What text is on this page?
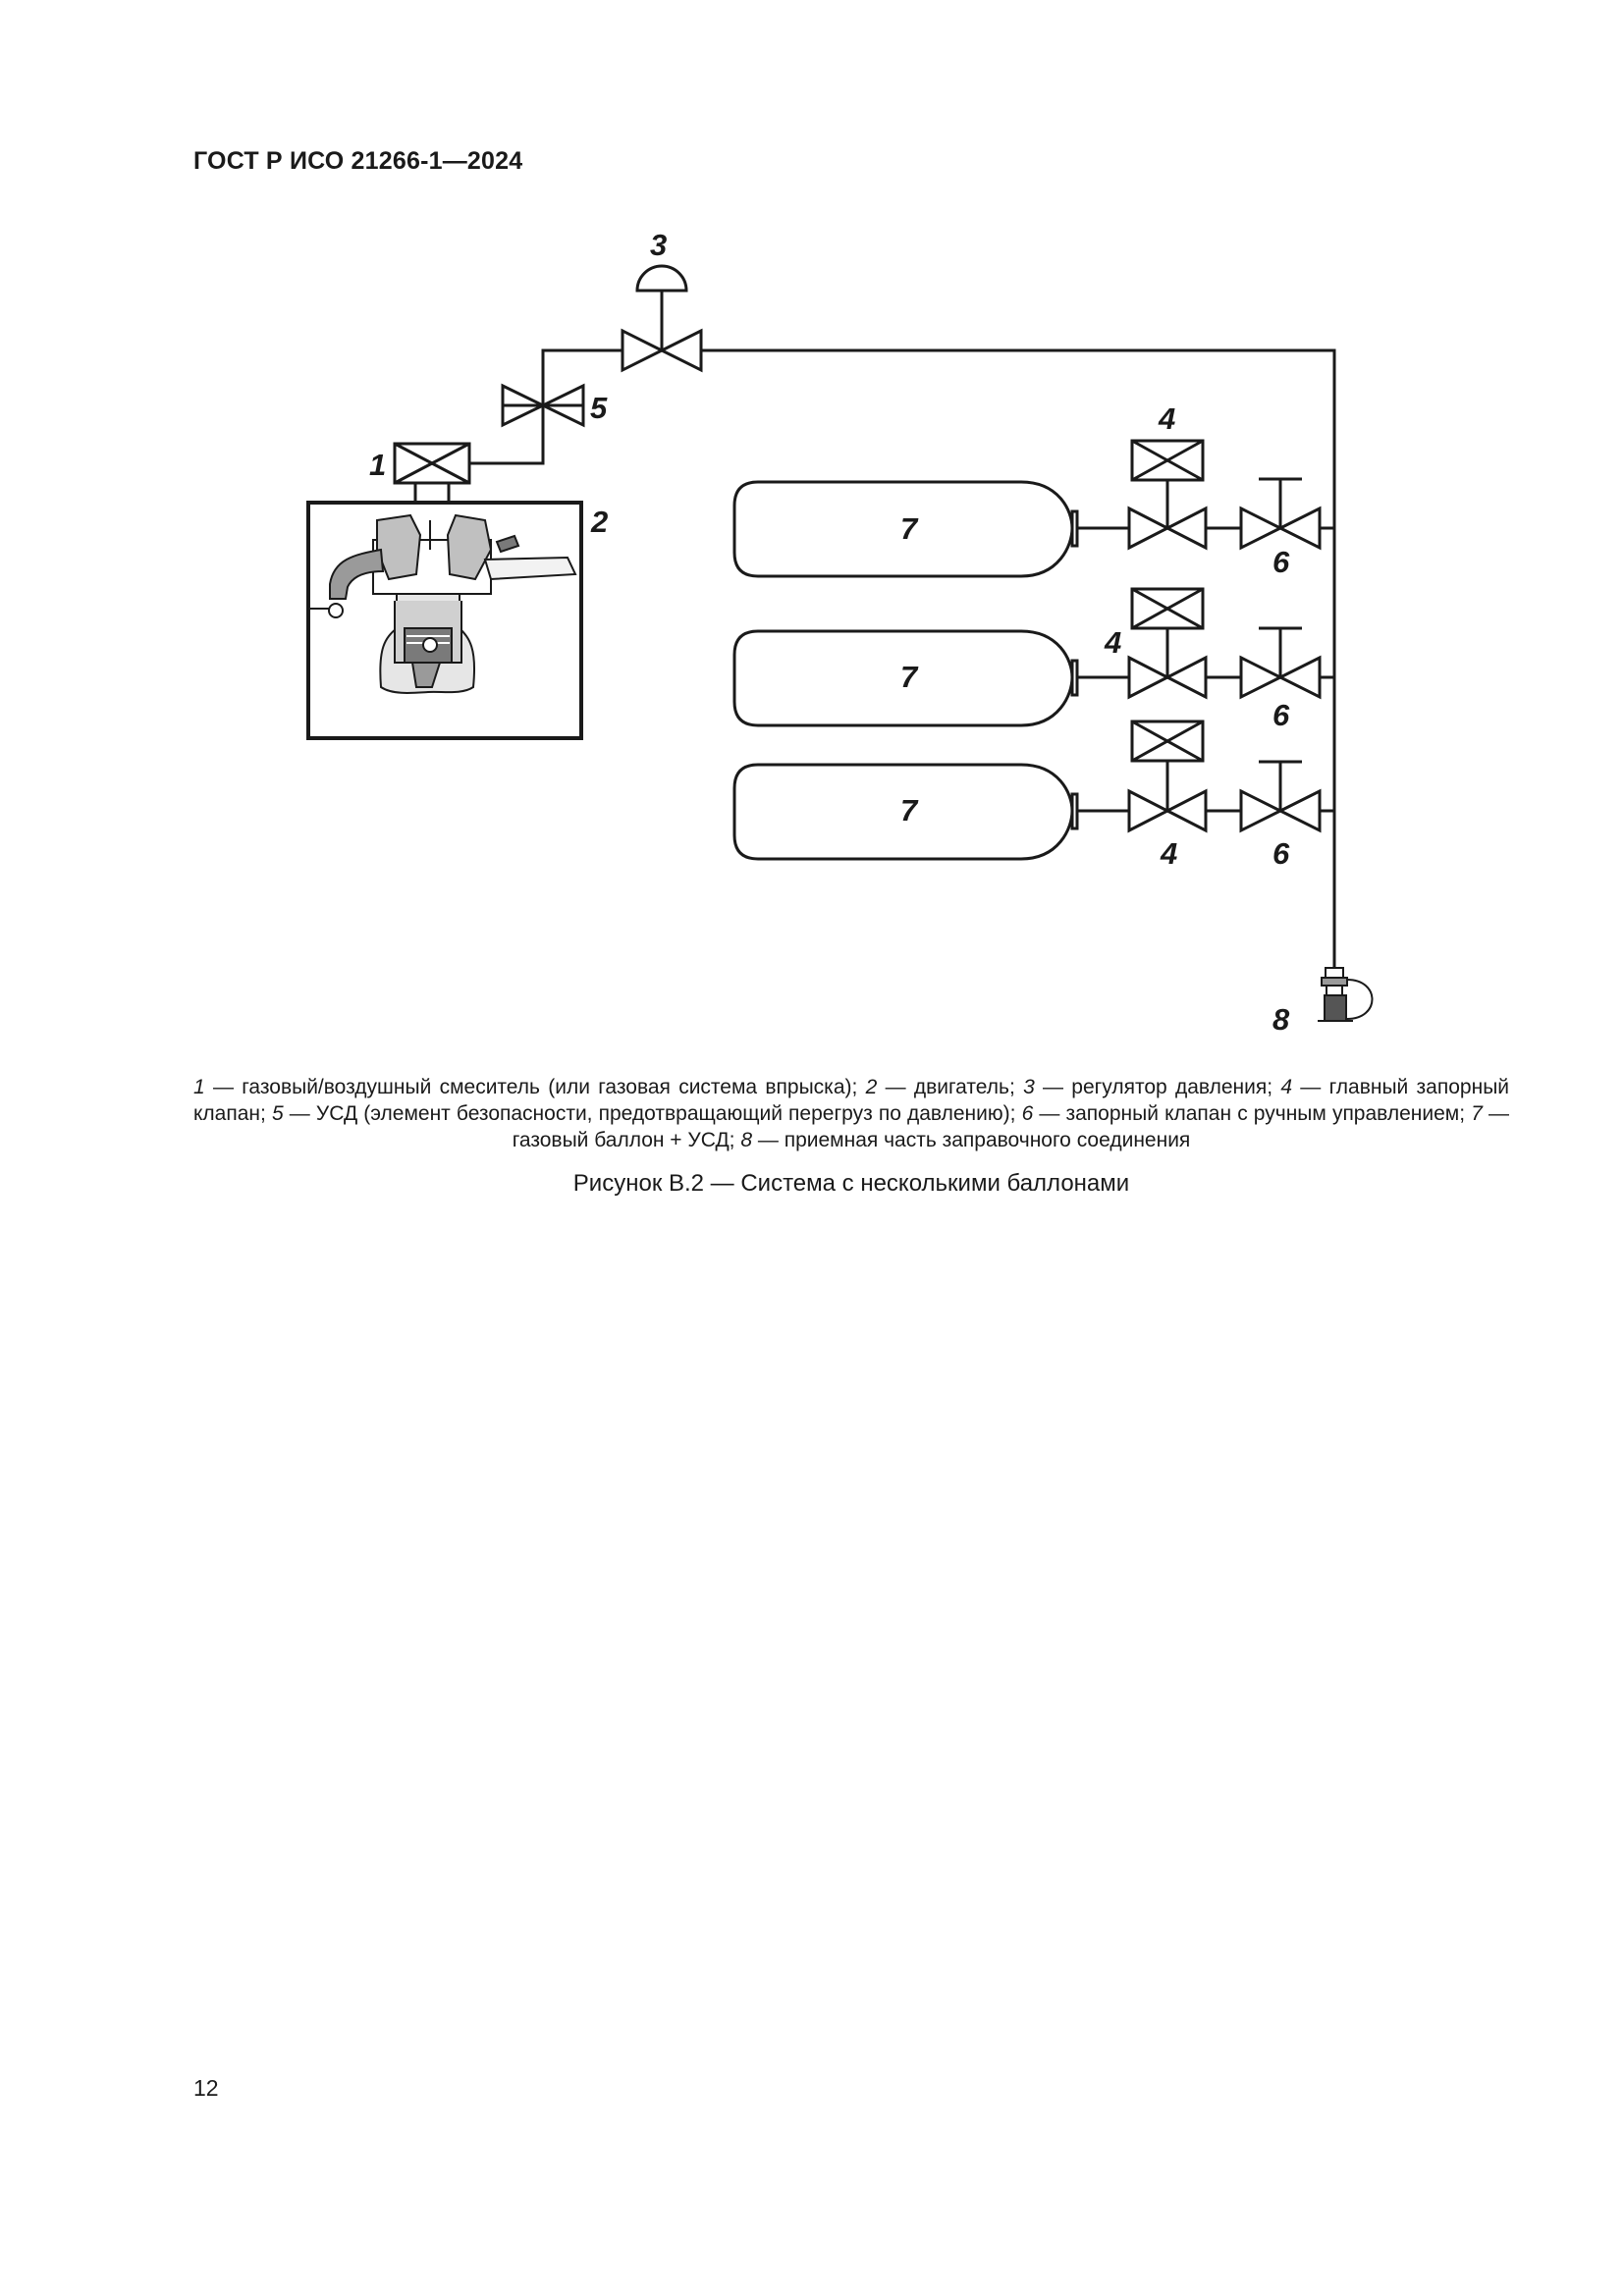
ГОСТ Р ИСО 21266-1—2024
3
5
1
2
4
4
4
6
6
6
7
7
7
8
1 — газовый/воздушный смеситель (или газовая система впрыска); 2 — двигатель; 3 — регулятор давления; 4 — главный запорный клапан; 5 — УСД (элемент безопасности, предотвращающий перегруз по давлению); 6 — запорный клапан с ручным управлением; 7 — газовый баллон + УСД; 8 — приемная часть заправочного соединения
Рисунок В.2 — Система с несколькими баллонами
12
